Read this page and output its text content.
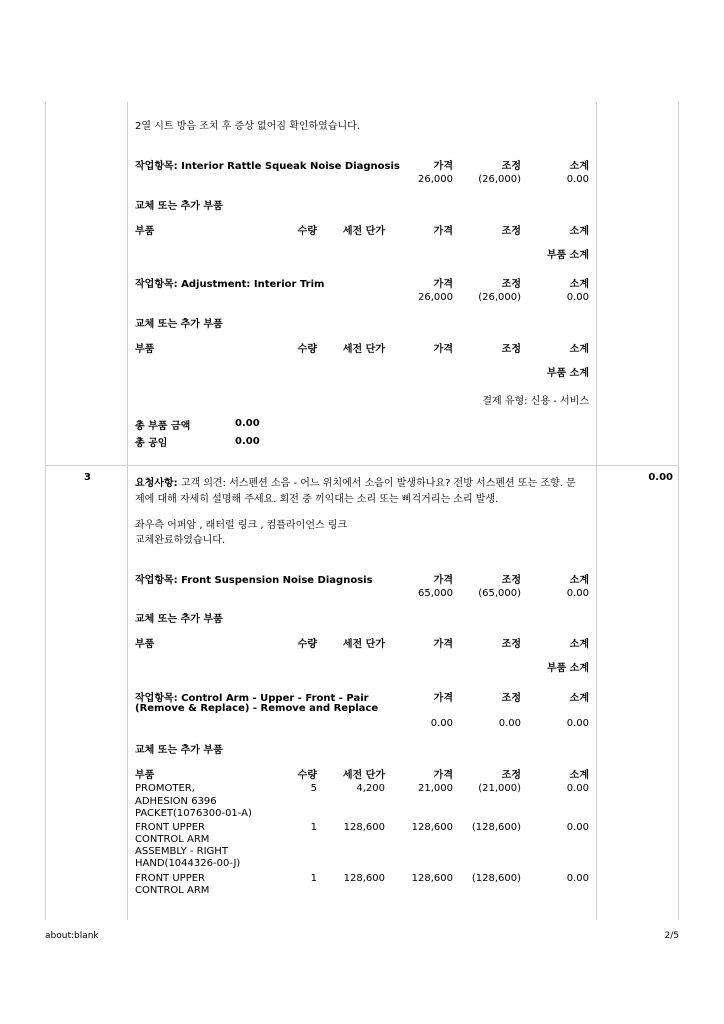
2열 시트 방음 조치 후 증상 없어짐 확인하였습니다.
작업항목: Interior Rattle Squeak Noise Diagnosis	가격	조정	소계
26,000	(26,000)	0.00
교체 또는 추가 부품
부품	수량	세전 단가	가격	조정	소계
부품 소계
작업항목: Adjustment: Interior Trim	가격	조정	소계
26,000	(26,000)	0.00
교체 또는 추가 부품
부품	수량	세전 단가	가격	조정	소계
부품 소계
결제 유형: 신용 - 서비스
총 부품 금액	0.00
총 공임	0.00
3	0.00
요청사항: 고객 의견: 서스펜션 소음 - 어느 위치에서 소음이 발생하나요? 전방 서스펜션 또는 조향. 문
제에 대해 자세히 설명해 주세요. 회전 중 끼익대는 소리 또는 삐걱거리는 소리 발생.
좌우측 어퍼암 , 래터럴 링크 , 컴플라이언스 링크
교체완료하였습니다.
작업항목: Front Suspension Noise Diagnosis	가격	조정	소계
65,000	(65,000)	0.00
교체 또는 추가 부품
부품	수량	세전 단가	가격	조정	소계
부품 소계
작업항목: Control Arm - Upper - Front - Pair
(Remove & Replace) - Remove and Replace
가격	조정	소계
0.00	0.00	0.00
교체 또는 추가 부품
부품	수량	세전 단가	가격	조정	소계
PROMOTER,
ADHESION 6396
PACKET(1076300-01-A)
5	4,200	21,000	(21,000)	0.00
FRONT UPPER
CONTROL ARM
ASSEMBLY - RIGHT
HAND(1044326-00-J)
1	128,600	128,600 (128,600)	0.00
FRONT UPPER
CONTROL ARM
1	128,600	128,600 (128,600)	0.00
about:blank	2/5
